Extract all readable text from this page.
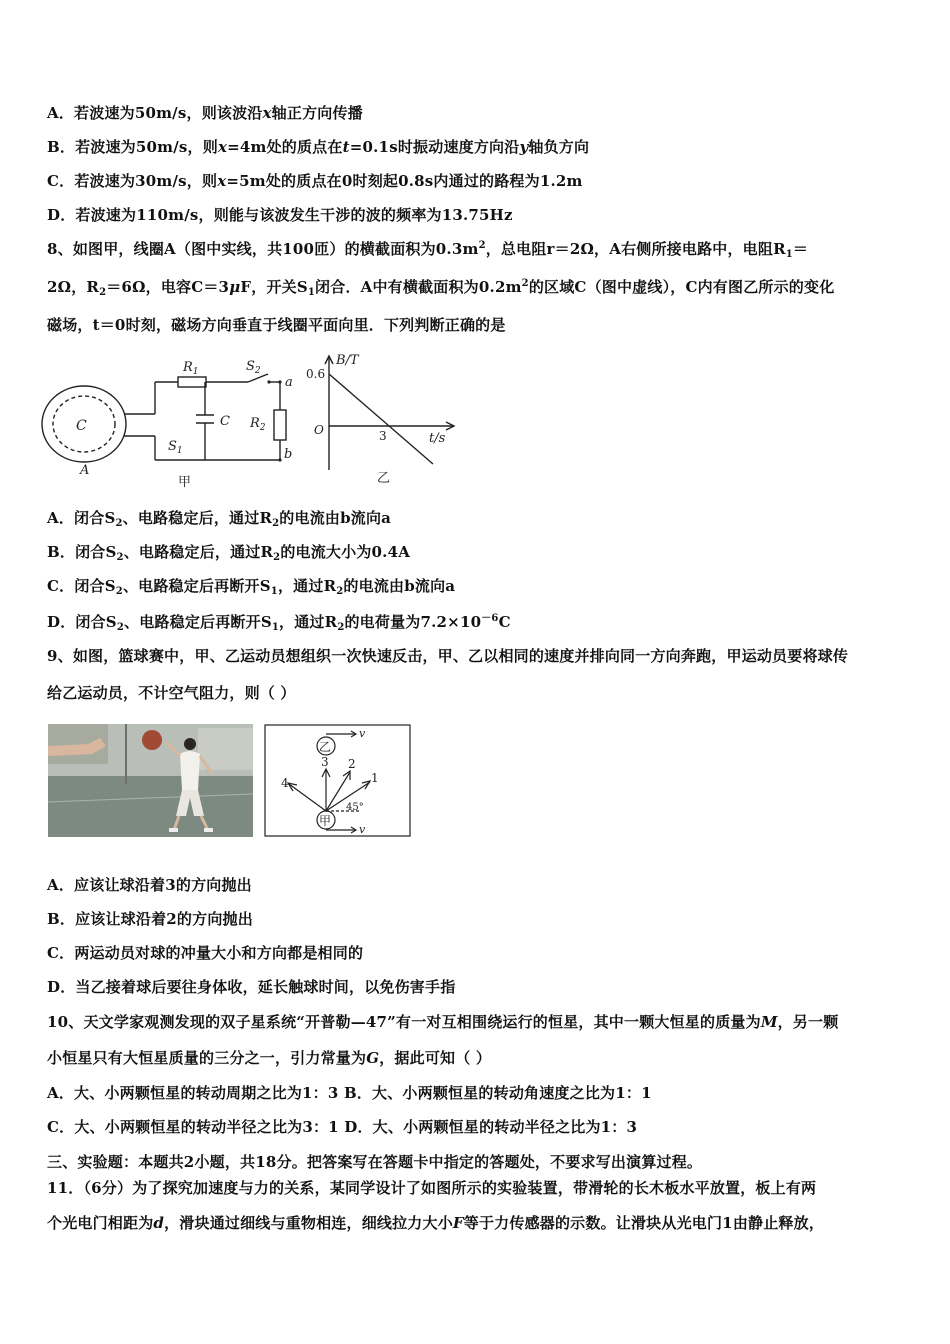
A．若波速为50m/s，则该波沿x轴正方向传播
B．若波速为50m/s，则x=4m处的质点在t=0.1s时振动速度方向沿y轴负方向
C．若波速为30m/s，则x=5m处的质点在0时刻起0.8s内通过的路程为1.2m
D．若波速为110m/s，则能与该波发生干涉的波的频率为13.75Hz
8、如图甲，线圈A（图中实线，共100匝）的横截面积为$0.3m^2$，总电阻r＝2Ω，A右侧所接电路中，电阻$R_1=$
2Ω，$R_2=6\Omega$，电容C＝3μF，开关$S_1$闭合．A中有横截面积为$0.2m^2$的区域C（图中虚线），C内有图乙所示的变化
磁场，t＝0时刻，磁场方向垂直于线圈平面向里．下列判断正确的是
C
A
$R_1$	$S_2$
a
C $R_2$
$S_1$	b
甲
B/T
0.6
O	3	t/s
乙
A．闭合$S_2$、电路稳定后，通过$R_2$的电流由b流向a
B．闭合$S_2$、电路稳定后，通过$R_2$的电流大小为0.4A
C．闭合$S_2$、电路稳定后再断开$S_1$，通过$R_2$的电流由b流向a
D．闭合$S_2$、电路稳定后再断开$S_1$，通过$R_2$的电荷量为$7.2\times 10^{-6}C$
9、如图，篮球赛中，甲、乙运动员想组织一次快速反击，甲、乙以相同的速度并排向同一方向奔跑，甲运动员要将球传
给乙运动员，不计空气阻力，则（ ）
乙
v
甲
v
3 2
1
4
45°
A．应该让球沿着3的方向抛出
B．应该让球沿着2的方向抛出
C．两运动员对球的冲量大小和方向都是相同的
D．当乙接着球后要往身体收，延长触球时间，以免伤害手指
10、天文学家观测发现的双子星系统“开普勒—47”有一对互相围绕运行的恒星，其中一颗大恒星的质量为M，另一颗
小恒星只有大恒星质量的三分之一，引力常量为G，据此可知（ ）
A．大、小两颗恒星的转动周期之比为1：3 B．大、小两颗恒星的转动角速度之比为1：1
C．大、小两颗恒星的转动半径之比为3：1 D．大、小两颗恒星的转动半径之比为1：3
三、实验题：本题共2小题，共18分。把答案写在答题卡中指定的答题处，不要求写出演算过程。
11．（6分）为了探究加速度与力的关系，某同学设计了如图所示的实验装置，带滑轮的长木板水平放置，板上有两
个光电门相距为d，滑块通过细线与重物相连，细线拉力大小F等于力传感器的示数。让滑块从光电门1由静止释放，
